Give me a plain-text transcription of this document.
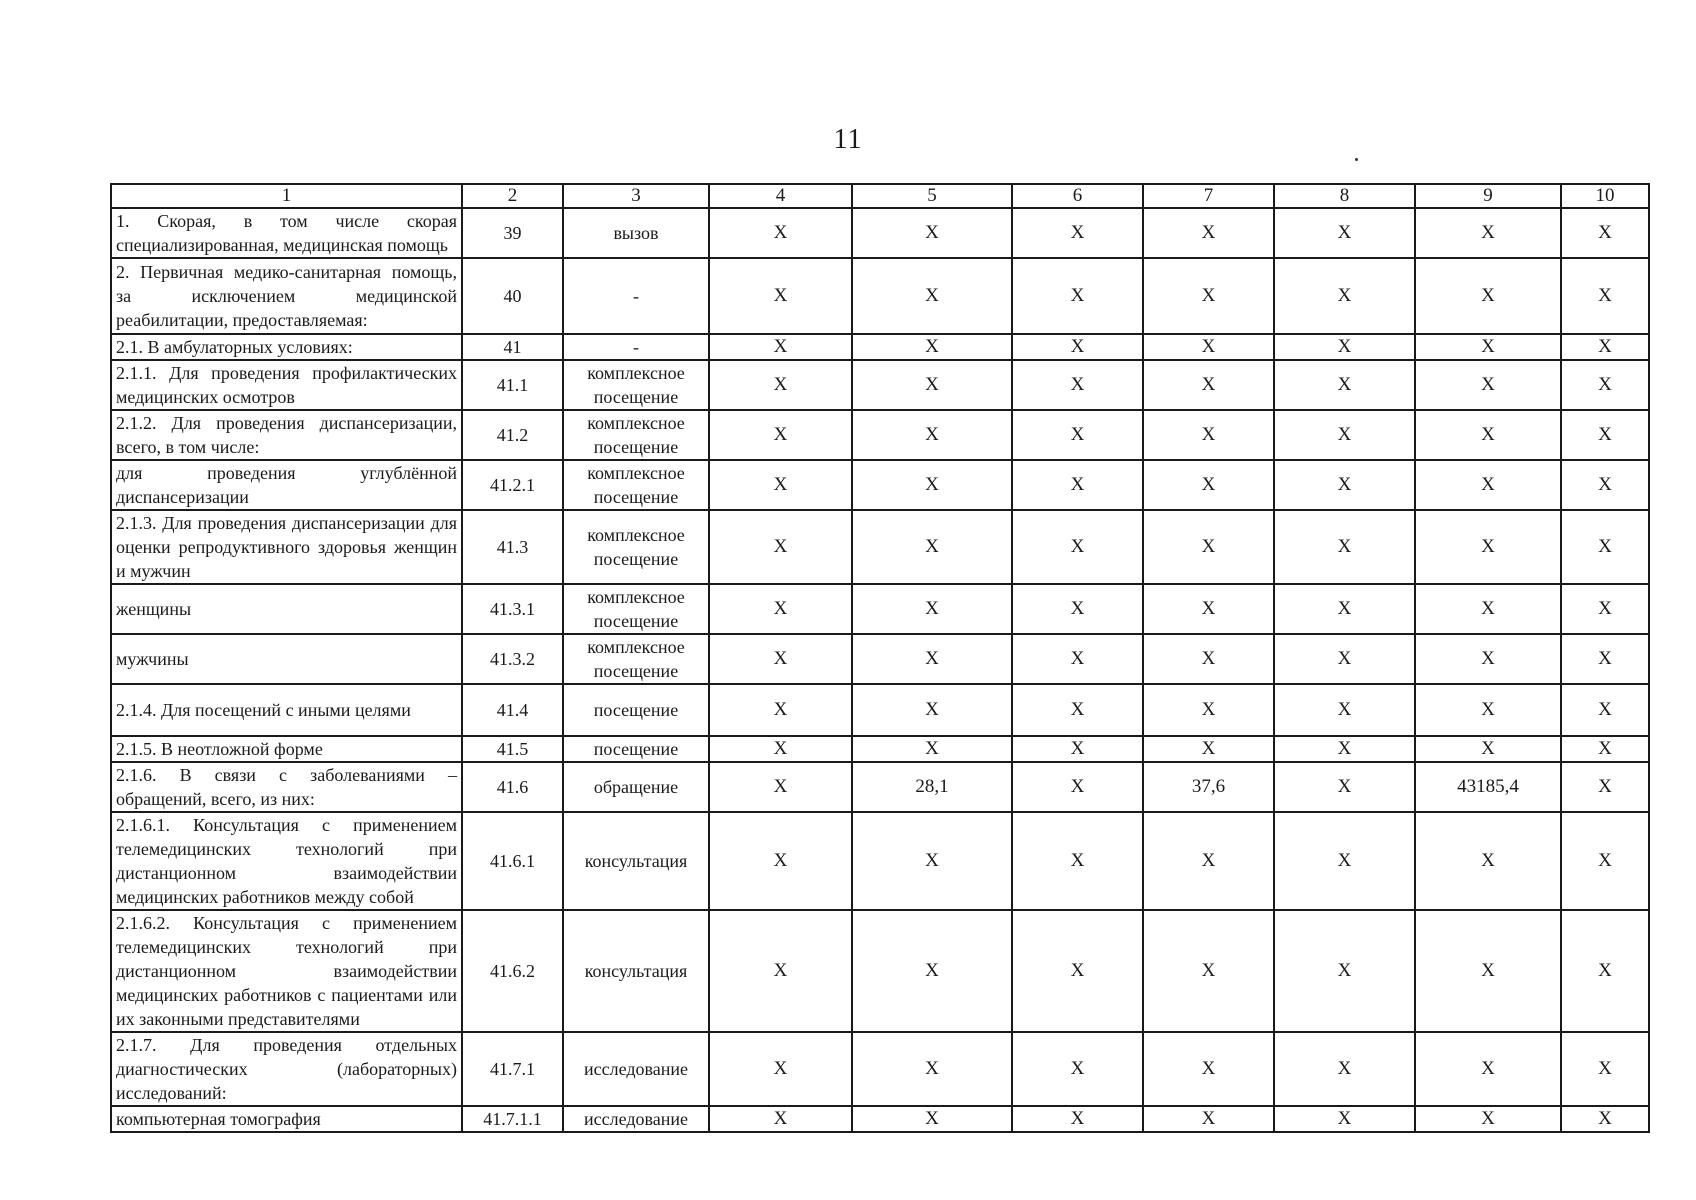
11
1	2	3	4	5	6	7	8	9	10
1. Скорая, в том числе скорая специализированная, медицинская помощь	39	вызов	X	X	X	X	X	X	X
2. Первичная медико-санитарная помощь, за исключением медицинской реабилитации, предоставляемая:	40	-	X	X	X	X	X	X	X
2.1. В амбулаторных условиях:	41	-	X	X	X	X	X	X	X
2.1.1. Для проведения профилактических медицинских осмотров	41.1	комплексное посещение	X	X	X	X	X	X	X
2.1.2. Для проведения диспансеризации, всего, в том числе:	41.2	комплексное посещение	X	X	X	X	X	X	X
для проведения углублённой диспансеризации	41.2.1	комплексное посещение	X	X	X	X	X	X	X
2.1.3. Для проведения диспансеризации для оценки репродуктивного здоровья женщин и мужчин	41.3	комплексное посещение	X	X	X	X	X	X	X
женщины	41.3.1	комплексное посещение	X	X	X	X	X	X	X
мужчины	41.3.2	комплексное посещение	X	X	X	X	X	X	X
2.1.4. Для посещений с иными целями	41.4	посещение	X	X	X	X	X	X	X
2.1.5. В неотложной форме	41.5	посещение	X	X	X	X	X	X	X
2.1.6. В связи с заболеваниями – обращений, всего, из них:	41.6	обращение	X	28,1	X	37,6	X	43185,4	X
2.1.6.1. Консультация с применением телемедицинских технологий при дистанционном взаимодействии медицинских работников между собой	41.6.1	консультация	X	X	X	X	X	X	X
2.1.6.2. Консультация с применением телемедицинских технологий при дистанционном взаимодействии медицинских работников с пациентами или их законными представителями	41.6.2	консультация	X	X	X	X	X	X	X
2.1.7. Для проведения отдельных диагностических (лабораторных) исследований:	41.7.1	исследование	X	X	X	X	X	X	X
компьютерная томография	41.7.1.1	исследование	X	X	X	X	X	X	X
